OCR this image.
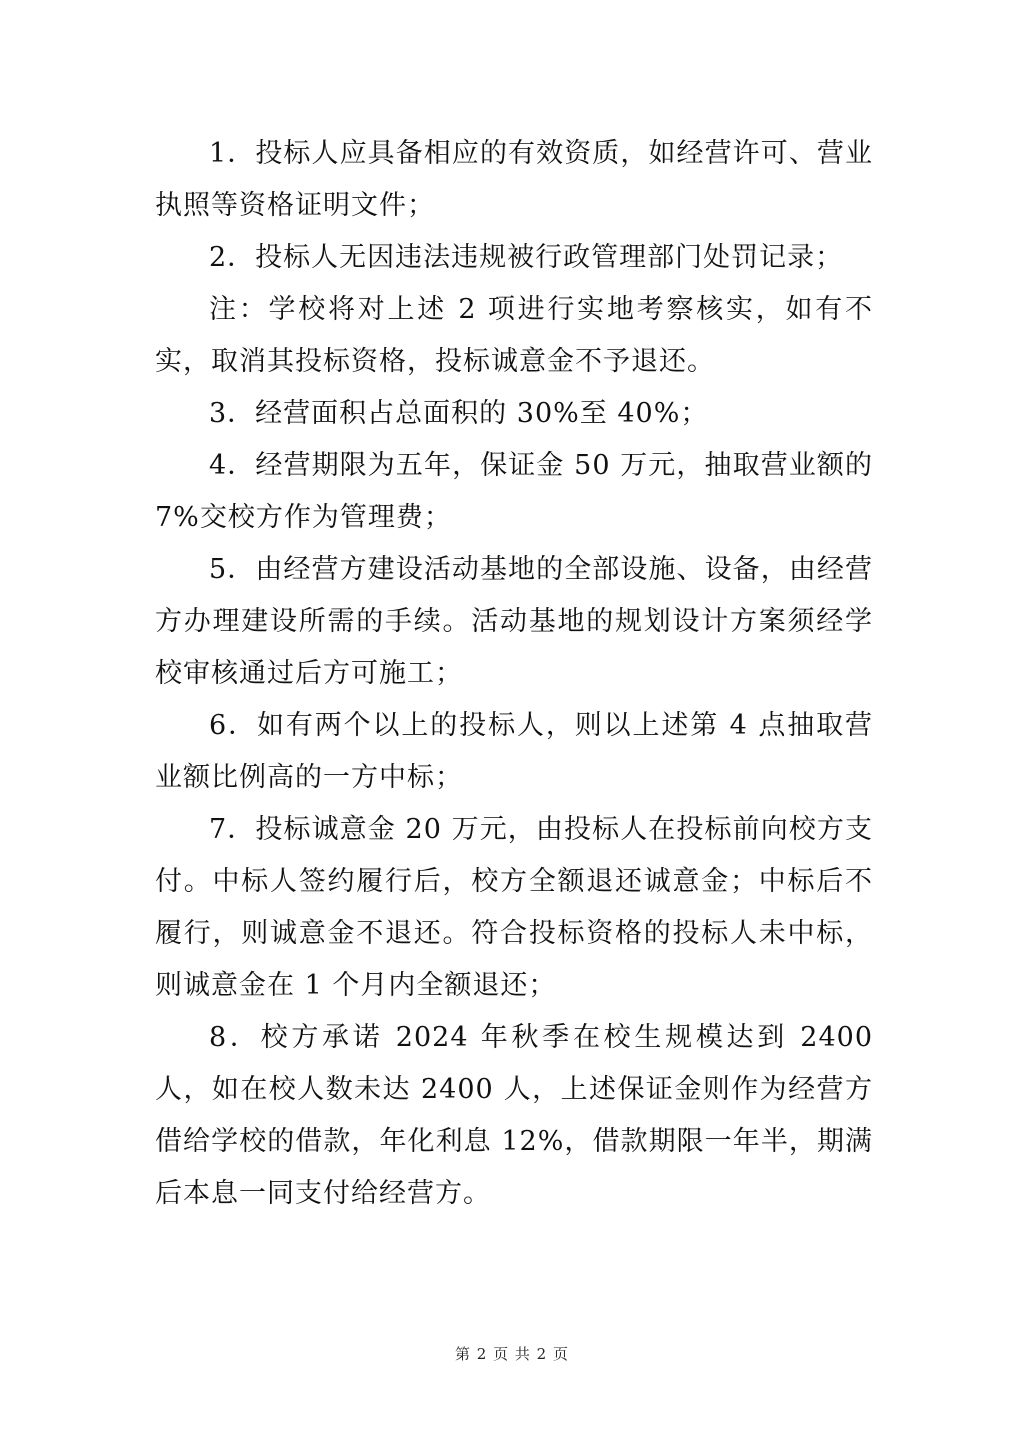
1．投标人应具备相应的有效资质，如经营许可、营业执照等资格证明文件；

2．投标人无因违法违规被行政管理部门处罚记录；

注：学校将对上述 2 项进行实地考察核实，如有不实，取消其投标资格，投标诚意金不予退还。

3．经营面积占总面积的 30%至 40%；

4．经营期限为五年，保证金 50 万元，抽取营业额的 7%交校方作为管理费；

5．由经营方建设活动基地的全部设施、设备，由经营方办理建设所需的手续。活动基地的规划设计方案须经学校审核通过后方可施工；

6．如有两个以上的投标人，则以上述第 4 点抽取营业额比例高的一方中标；

7．投标诚意金 20 万元，由投标人在投标前向校方支付。中标人签约履行后，校方全额退还诚意金；中标后不履行，则诚意金不退还。符合投标资格的投标人未中标，则诚意金在 1 个月内全额退还；

8．校方承诺 2024 年秋季在校生规模达到 2400 人，如在校人数未达 2400 人，上述保证金则作为经营方借给学校的借款，年化利息 12%，借款期限一年半，期满后本息一同支付给经营方。

第 2 页 共 2 页
